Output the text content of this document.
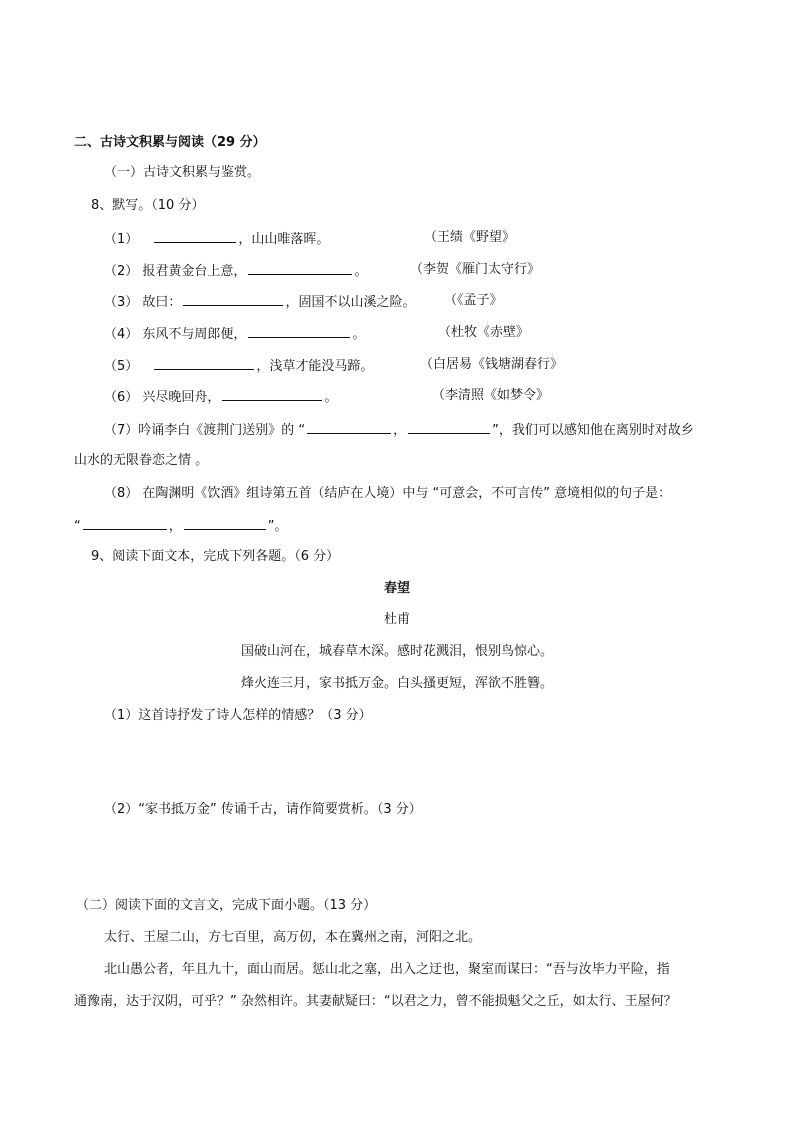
二、古诗文积累与阅读（29 分）
（一）古诗文积累与鉴赏。
8、默写。（10 分）
（1）	，山山唯落晖。	（王绩《野望》
（2） 报君黄金台上意，	。	（李贺《雁门太守行》
（3） 故曰：	，固国不以山溪之险。 （《孟子》
（4） 东风不与周郎便，	。	（杜牧《赤壁》
（5）	，浅草才能没马蹄。	（白居易《钱塘湖春行》
（6） 兴尽晚回舟，	。	（李清照《如梦令》
（7）吟诵李白《渡荆门送别》的 “	，	”，我们可以感知他在离别时对故乡
山水的无限眷恋之情 。
（8） 在陶渊明《饮酒》组诗第五首（结庐在人境）中与 “可意会，不可言传” 意境相似的句子是：
“	，	”。
9、阅读下面文本，完成下列各题。（6 分）
春望
杜甫
国破山河在，城春草木深。感时花溅泪，恨别鸟惊心。
烽火连三月，家书抵万金。白头搔更短，浑欲不胜簪。
（1）这首诗抒发了诗人怎样的情感？（3 分）
（2）“家书抵万金” 传诵千古，请作简要赏析。（3 分）
（二）阅读下面的文言文，完成下面小题。（13 分）
太行、王屋二山，方七百里，高万仞，本在冀州之南，河阳之北。
北山愚公者，年且九十，面山而居。惩山北之塞，出入之迂也，聚室而谋曰：“吾与汝毕力平险，指
通豫南，达于汉阴，可乎？” 杂然相许。其妻献疑曰：“以君之力，曾不能损魁父之丘，如太行、王屋何？
